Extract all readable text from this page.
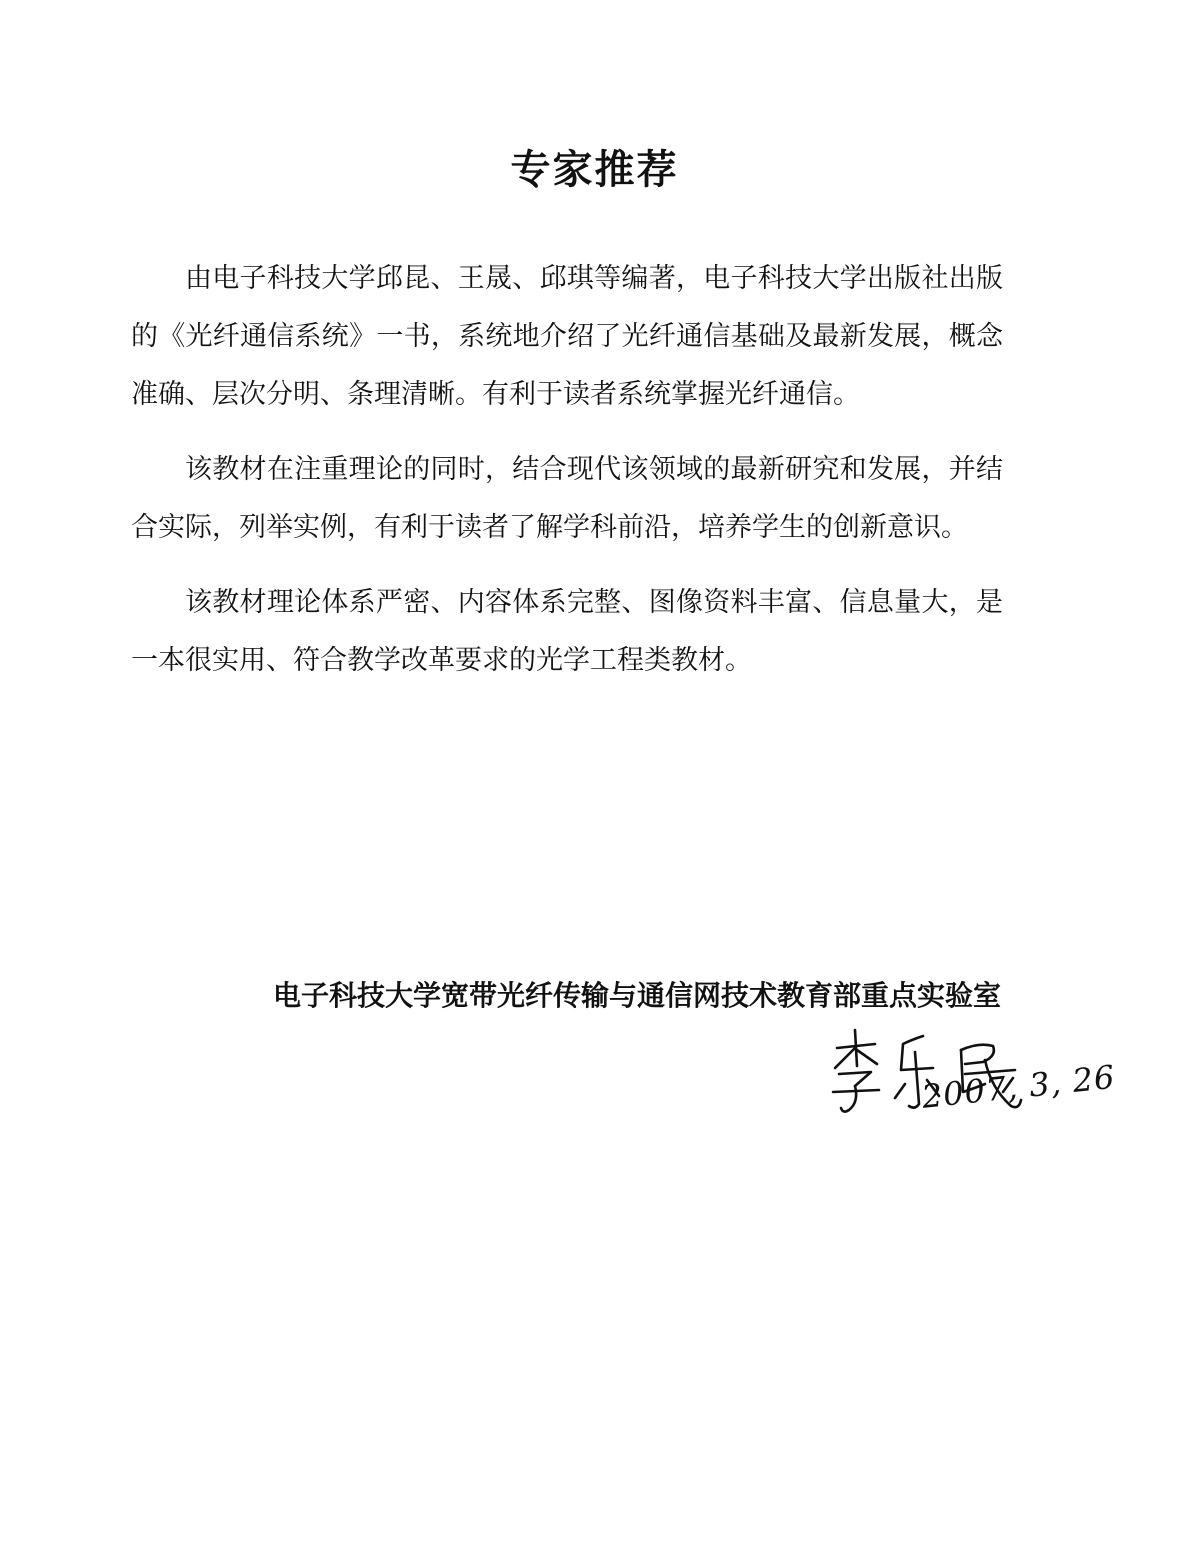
专家推荐

由电子科技大学邱昆、王晟、邱琪等编著，电子科技大学出版社出版的《光纤通信系统》一书，系统地介绍了光纤通信基础及最新发展，概念准确、层次分明、条理清晰。有利于读者系统掌握光纤通信。

该教材在注重理论的同时，结合现代该领域的最新研究和发展，并结合实际，列举实例，有利于读者了解学科前沿，培养学生的创新意识。

该教材理论体系严密、内容体系完整、图像资料丰富、信息量大，是一本很实用、符合教学改革要求的光学工程类教材。

电子科技大学宽带光纤传输与通信网技术教育部重点实验室
2007, 3, 26
